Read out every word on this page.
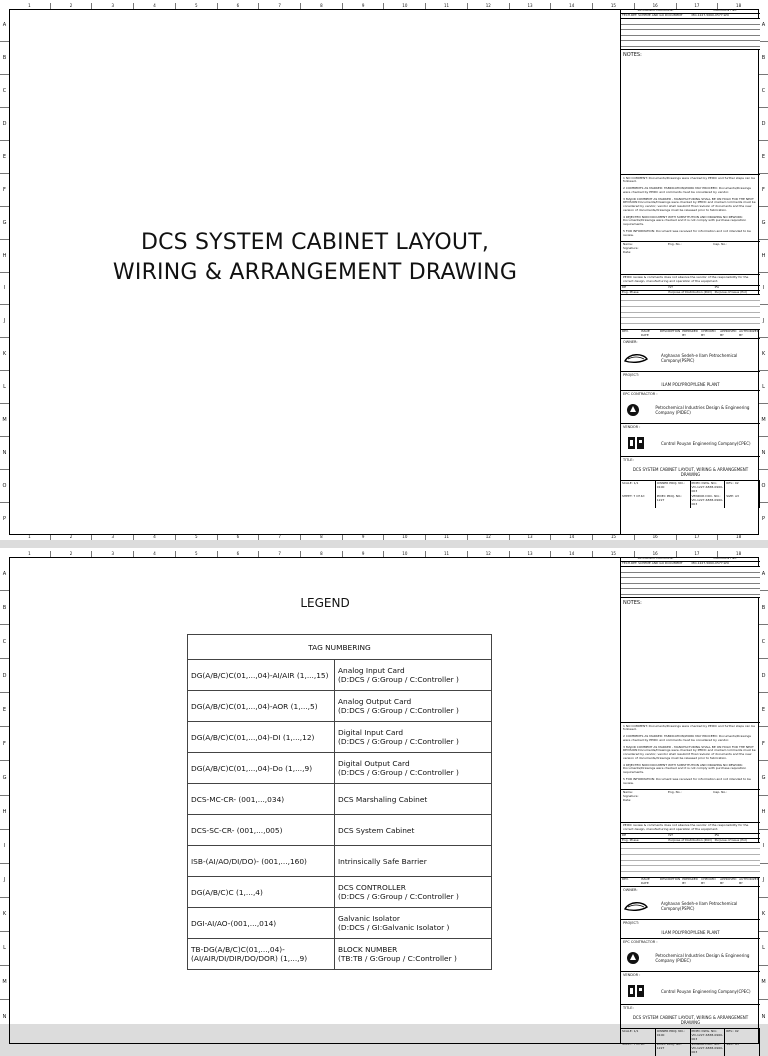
1	2	3	4	5	6	7	8	9	10	11	12	13	14	15	16	17	18
1	2	3	4	5	6	7	8	9	10	11	12	13	14	15	16	17	18
A
B
C
D
E
F
G
H
I
J
K
L
M
N
O
P
A
B
C
D
E
F
G
H
I
J
K
L
M
N
O
P
DCS SYSTEM CABINET LAYOUT,
WIRING & ARRANGEMENT DRAWING
REFERENCE DOCUMENT	DOCUMENT No.
TECH.REF. SCHEME AND GO DOCUMENT	MO-1227-5660-0577-WO
NOTES:

1 NO COMMENT: Documents/Drawings were checked by PEIDC and further steps can be followed.

2 COMMENTS AS MARKED: FABRICATION/WORK MAY PROCEED: Documents/Drawings were checked by PEIDC and comments must be considered by vendor.

3 MAJOR COMMENT AS MARKED - MANUFACTURING SHALL BE ON HOLD FOR THE NEXT REVISION Documents/Drawings were checked by PEIDC and marked comments must be considered by vendor; vendor shall resubmit final revision of documents and the new version of documents/drawings must be released prior to fabrication.

4 REJECTED NON DOCUMENT WITH SUBSTITUTION AND DRAWING NO REWORK: Documents/Drawings were checked and it is not comply with purchase requisition requirements.

5 FOR INFORMATION: Document was received for information and not intended to be review.

Name:	Eng. No.:	Insp. No.:
Signature:
Date:
PEIDC review & comments does not absolve the vendor of the responsibility for the correct design, manufacturing and operation of the equipment.
DE	IST	IFA
Eng. Phase	Purpose of Distribution (PoD) Purpose of Issue (PoI)
REV.	ISSUE DATE
DESCRIPTION PREPARED BY
CHECKED BY
APPROVED BY
AUTHORIZED BY
OWNER:
Arghavan Sedeh-e Ilam Petrochemical Company(PSPIC)
PROJECT:
ILAM POLYPROPYLENE PLANT
EPC CONTRACTOR :
Petrochemical Industries Design & Engineering Company (PIDEC)
VENDOR :
Control Pouyan Engineering Company(CPEC)
TITLE:
DCS SYSTEM CABINET LAYOUT, WIRING & ARRANGEMENT DRAWING
SCALE: 1/1	OWNER PROJ. NO.: 0100
PIDEC DWG. NO.: VD-1227-6838-0960-003
REV.: 02
SHEET: 7 Of 4d	PIDEC PROJ. NO.: 1227
VENDOR DOC. NO.: VD-1227-6838-0960-003
SIZE: A3
1	2	3	4	5	6	7	8	9	10	11	12	13	14	15	16	17	18
A
B
C
D
E
F
G
H
I
J
K
L
M
N
A
B
C
D
E
F
G
H
I
J
K
L
M
N
LEGEND
TAG NUMBERING	
DG(A/B/C)C(01,...,04)-AI/AIR (1,...,15)	Analog Input Card
(D:DCS / G:Group / C:Controller )

DG(A/B/C)C(01,...,04)-AOR (1,...,5)	Analog Output Card
(D:DCS / G:Group / C:Controller )

DG(A/B/C)C(01,...,04)-DI (1,...,12)	Digital Input Card
(D:DCS / G:Group / C:Controller )

DG(A/B/C)C(01,...,04)-Do (1,...,9)	Digital Output Card
(D:DCS / G:Group / C:Controller )

DCS-MC-CR- (001,...,034)	DCS Marshaling Cabinet

DCS-SC-CR- (001,...,005)	DCS System Cabinet

ISB-(AI/AO/DI/DO)- (001,...,160)	Intrinsically Safe Barrier

DG(A/B/C)C (1,...,4)	DCS CONTROLLER
(D:DCS / G:Group / C:Controller )

DGI-AI/AO-(001,...,014)	Galvanic Isolator
(D:DCS / GI:Galvanic Isolator )

TB-DG(A/B/C)C(01,...,04)-(AI/AIR/DI/DIR/DO/DOR) (1,...,9)	BLOCK NUMBER
(TB:TB / G:Group / C:Controller )
REFERENCE DOCUMENT	DOCUMENT No.
TECH.REF. SCHEME AND GO DOCUMENT	MO-1227-5660-0577-WO
NOTES:

1 NO COMMENT: Documents/Drawings were checked by PEIDC and further steps can be followed.

2 COMMENTS AS MARKED: FABRICATION/WORK MAY PROCEED: Documents/Drawings were checked by PEIDC and comments must be considered by vendor.

3 MAJOR COMMENT AS MARKED - MANUFACTURING SHALL BE ON HOLD FOR THE NEXT REVISION Documents/Drawings were checked by PEIDC and marked comments must be considered by vendor; vendor shall resubmit final revision of documents and the new version of documents/drawings must be released prior to fabrication.

4 REJECTED NON DOCUMENT WITH SUBSTITUTION AND DRAWING NO REWORK: Documents/Drawings were checked and it is not comply with purchase requisition requirements.

5 FOR INFORMATION: Document was received for information and not intended to be review.

Name:	Eng. No.:	Insp. No.:
Signature:
Date:
PEIDC review & comments does not absolve the vendor of the responsibility for the correct design, manufacturing and operation of the equipment.
DE	IST	IFA
Eng. Phase	Purpose of Distribution (PoD) Purpose of Issue (PoI)
REV.	ISSUE DATE
DESCRIPTION PREPARED BY
CHECKED BY
APPROVED BY
AUTHORIZED BY
OWNER:
Arghavan Sedeh-e Ilam Petrochemical Company(PSPIC)
PROJECT:
ILAM POLYPROPYLENE PLANT
EPC CONTRACTOR :
Petrochemical Industries Design & Engineering Company (PIDEC)
VENDOR :
Control Pouyan Engineering Company(CPEC)
TITLE:
DCS SYSTEM CABINET LAYOUT, WIRING & ARRANGEMENT DRAWING
SCALE: 1/1	OWNER PROJ. NO.: 0100
PIDEC DWG. NO.: VD-1227-6838-0960-003
REV.: 02
SHEET: 7 Of 4d	PIDEC PROJ. NO.: 1227
VENDOR DOC. NO.: VD-1227-6838-0960-003
SIZE: A3
